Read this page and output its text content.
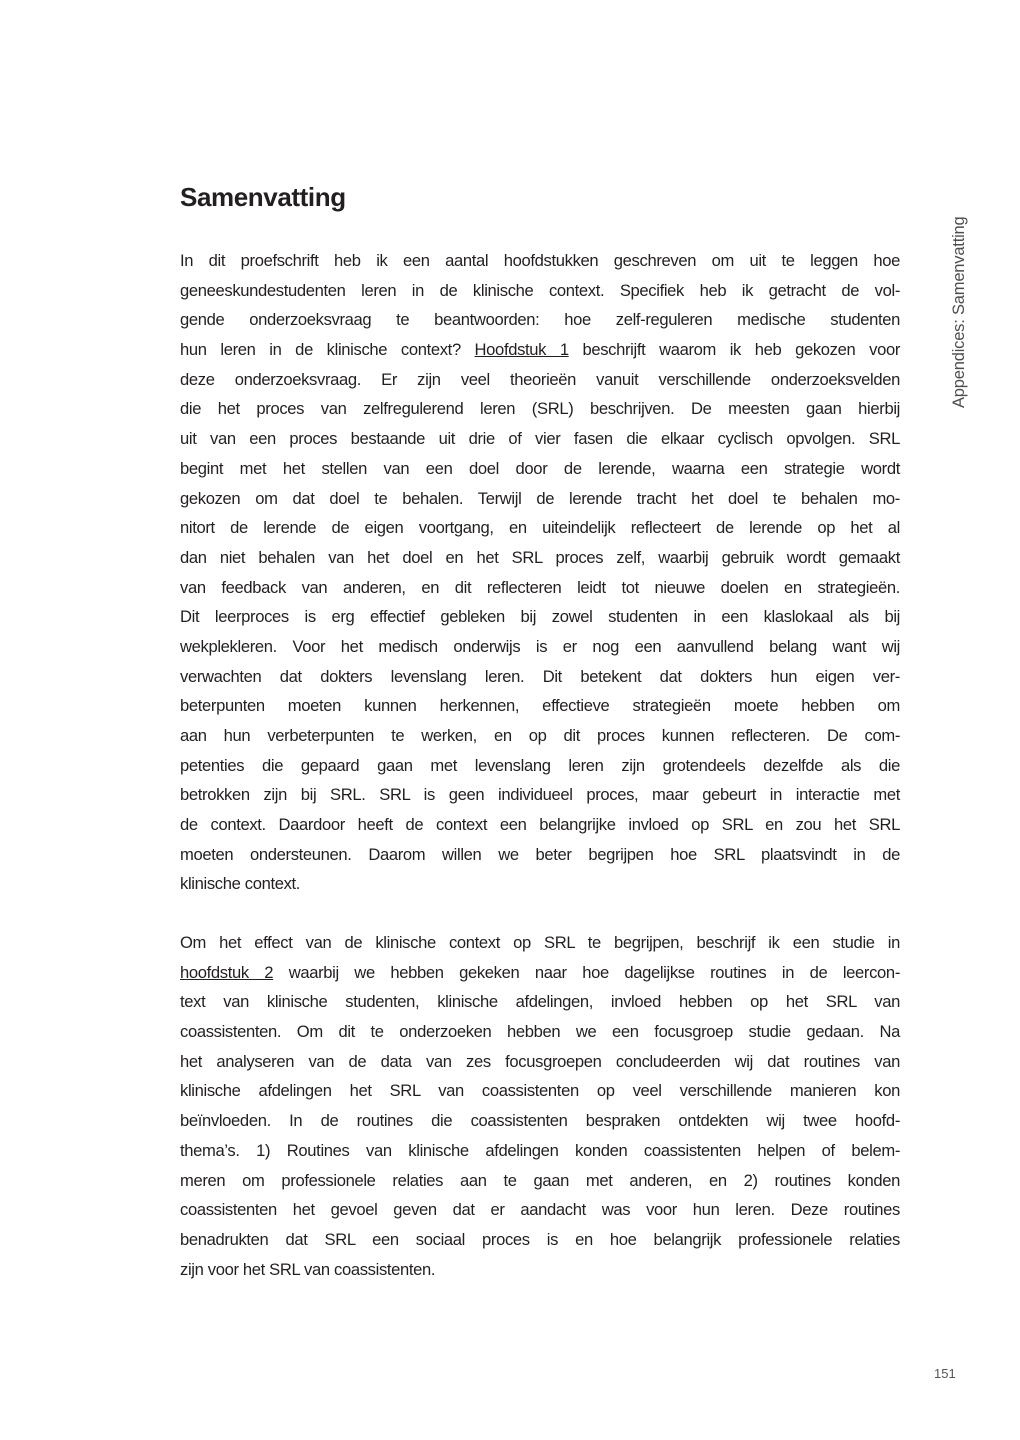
Appendices: Samenvatting
Samenvatting
In dit proefschrift heb ik een aantal hoofdstukken geschreven om uit te leggen hoe
geneeskundestudenten leren in de klinische context. Specifiek heb ik getracht de vol-
gende onderzoeksvraag te beantwoorden: hoe zelf-reguleren medische studenten
hun leren in de klinische context? Hoofdstuk 1 beschrijft waarom ik heb gekozen voor
deze onderzoeksvraag. Er zijn veel theorieën vanuit verschillende onderzoeksvelden
die het proces van zelfregulerend leren (SRL) beschrijven. De meesten gaan hierbij
uit van een proces bestaande uit drie of vier fasen die elkaar cyclisch opvolgen. SRL
begint met het stellen van een doel door de lerende, waarna een strategie wordt
gekozen om dat doel te behalen. Terwijl de lerende tracht het doel te behalen mo-
nitort de lerende de eigen voortgang, en uiteindelijk reflecteert de lerende op het al
dan niet behalen van het doel en het SRL proces zelf, waarbij gebruik wordt gemaakt
van feedback van anderen, en dit reflecteren leidt tot nieuwe doelen en strategieën.
Dit leerproces is erg effectief gebleken bij zowel studenten in een klaslokaal als bij
wekplekleren. Voor het medisch onderwijs is er nog een aanvullend belang want wij
verwachten dat dokters levenslang leren. Dit betekent dat dokters hun eigen ver-
beterpunten moeten kunnen herkennen, effectieve strategieën moete hebben om
aan hun verbeterpunten te werken, en op dit proces kunnen reflecteren. De com-
petenties die gepaard gaan met levenslang leren zijn grotendeels dezelfde als die
betrokken zijn bij SRL. SRL is geen individueel proces, maar gebeurt in interactie met
de context. Daardoor heeft de context een belangrijke invloed op SRL en zou het SRL
moeten ondersteunen. Daarom willen we beter begrijpen hoe SRL plaatsvindt in de
klinische context.
Om het effect van de klinische context op SRL te begrijpen, beschrijf ik een studie in
hoofdstuk 2 waarbij we hebben gekeken naar hoe dagelijkse routines in de leercon-
text van klinische studenten, klinische afdelingen, invloed hebben op het SRL van
coassistenten. Om dit te onderzoeken hebben we een focusgroep studie gedaan. Na
het analyseren van de data van zes focusgroepen concludeerden wij dat routines van
klinische afdelingen het SRL van coassistenten op veel verschillende manieren kon
beïnvloeden. In de routines die coassistenten bespraken ontdekten wij twee hoofd-
thema’s. 1) Routines van klinische afdelingen konden coassistenten helpen of belem-
meren om professionele relaties aan te gaan met anderen, en 2) routines konden
coassistenten het gevoel geven dat er aandacht was voor hun leren. Deze routines
benadrukten dat SRL een sociaal proces is en hoe belangrijk professionele relaties
zijn voor het SRL van coassistenten.
151
